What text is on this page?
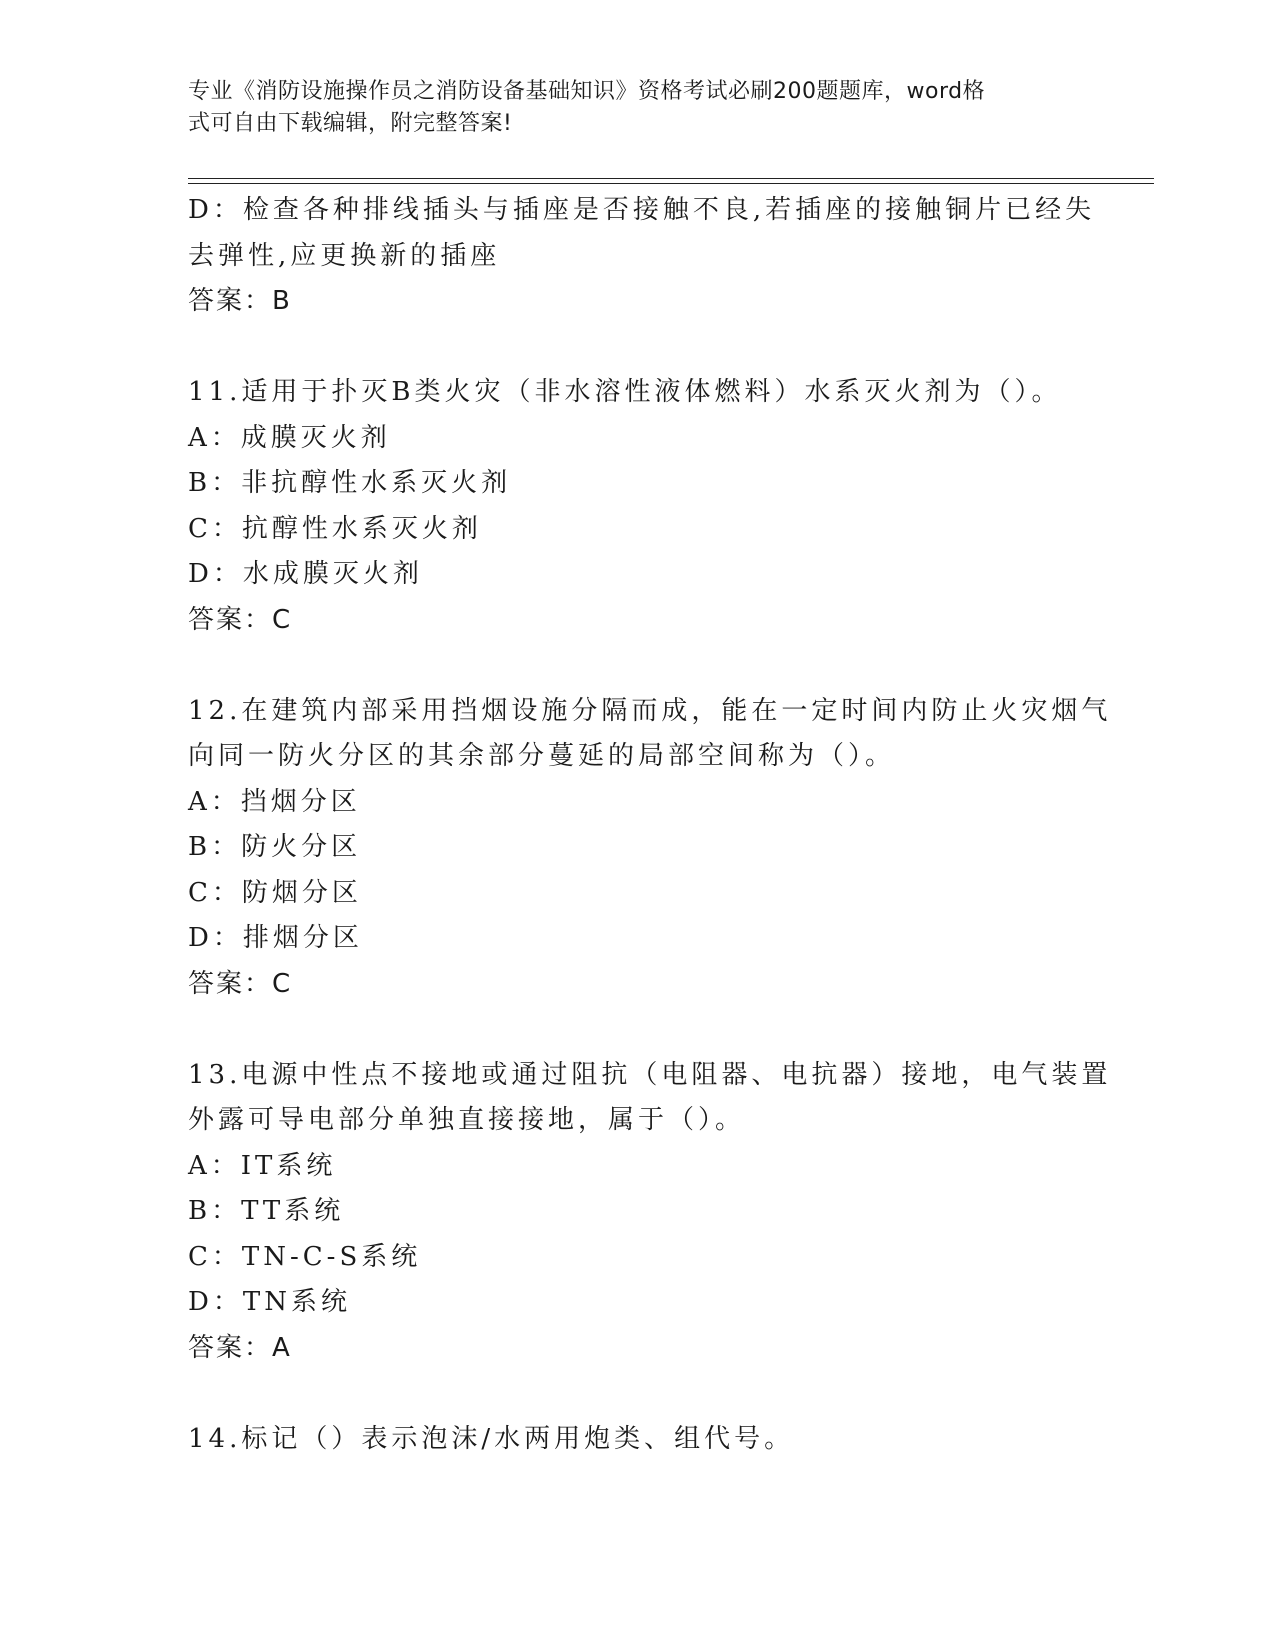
专业《消防设施操作员之消防设备基础知识》资格考试必刷200题题库，word格
式可自由下载编辑，附完整答案!
D：检查各种排线插头与插座是否接触不良,若插座的接触铜片已经失
去弹性,应更换新的插座
答案：B
11.适用于扑灭B类火灾（非水溶性液体燃料）水系灭火剂为（）。
A：成膜灭火剂
B：非抗醇性水系灭火剂
C：抗醇性水系灭火剂
D：水成膜灭火剂
答案：C
12.在建筑内部采用挡烟设施分隔而成，能在一定时间内防止火灾烟气
向同一防火分区的其余部分蔓延的局部空间称为（）。
A：挡烟分区
B：防火分区
C：防烟分区
D：排烟分区
答案：C
13.电源中性点不接地或通过阻抗（电阻器、电抗器）接地，电气装置
外露可导电部分单独直接接地，属于（）。
A：IT系统
B：TT系统
C：TN-C-S系统
D：TN系统
答案：A
14.标记（）表示泡沫/水两用炮类、组代号。
